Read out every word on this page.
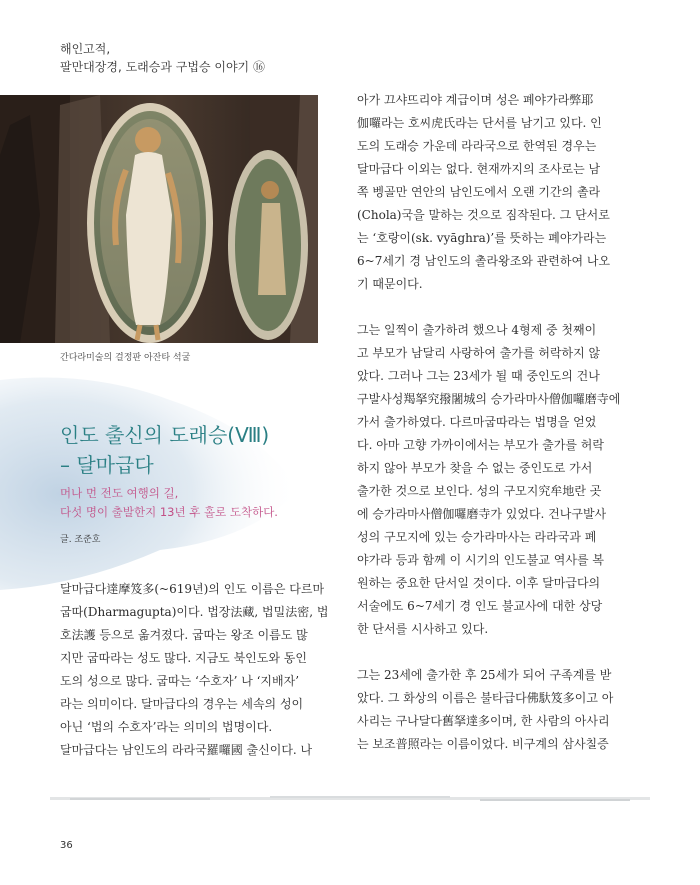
해인고적,
팔만대장경, 도래승과 구법승 이야기 ⑯
간다라미술의 걸정판 아잔타 석굴
인도 출신의 도래승(Ⅷ)
– 달마급다
머나 먼 전도 여행의 길,
다섯 명이 출발한지 13년 후 홀로 도착하다.
글. 조준호
달마급다達摩笈多(~619년)의 인도 이름은 다르마
굽따(Dharmagupta)이다. 법장法藏, 법밀法密, 법
호法護 등으로 옮겨졌다. 굽따는 왕조 이름도 많
지만 굽따라는 성도 많다. 지금도 북인도와 동인
도의 성으로 많다. 굽따는 ‘수호자’ 나 ‘지배자’
라는 의미이다. 달마급다의 경우는 세속의 성이
아닌 ‘법의 수호자’라는 의미의 법명이다.
달마급다는 남인도의 라라국羅囉國 출신이다. 나
아가 끄샤뜨리야 계급이며 성은 폐야가라弊耶
伽囉라는 호씨虎氏라는 단서를 남기고 있다. 인
도의 도래승 가운데 라라국으로 한역된 경우는
달마급다 이외는 없다. 현재까지의 조사로는 남
쪽 벵골만 연안의 남인도에서 오랜 기간의 촐라
(Chola)국을 말하는 것으로 짐작된다. 그 단서로
는 ‘호랑이(sk. vyāghra)’를 뜻하는 폐야가라는
6~7세기 경 남인도의 촐라왕조와 관련하여 나오
기 때문이다.
그는 일찍이 출가하려 했으나 4형제 중 첫째이
고 부모가 남달리 사랑하여 출가를 허락하지 않
았다. 그러나 그는 23세가 될 때 중인도의 건나
구발사성羯拏究撥闍城의 승가라마사僧伽囉磨寺에
가서 출가하였다. 다르마굽따라는 법명을 얻었
다. 아마 고향 가까이에서는 부모가 출가를 허락
하지 않아 부모가 찾을 수 없는 중인도로 가서
출가한 것으로 보인다. 성의 구모지究牟地란 곳
에 승가라마사僧伽囉磨寺가 있었다. 건나구발사
성의 구모지에 있는 승가라마사는 라라국과 폐
야가라 등과 함께 이 시기의 인도불교 역사를 복
원하는 중요한 단서일 것이다. 이후 달마급다의
서술에도 6~7세기 경 인도 불교사에 대한 상당
한 단서를 시사하고 있다.
그는 23세에 출가한 후 25세가 되어 구족계를 받
았다. 그 화상의 이름은 불타급다佛馱笈多이고 아
사리는 구나달다舊拏達多이며, 한 사람의 아사리
는 보조普照라는 이름이었다. 비구계의 삼사칠증
36
